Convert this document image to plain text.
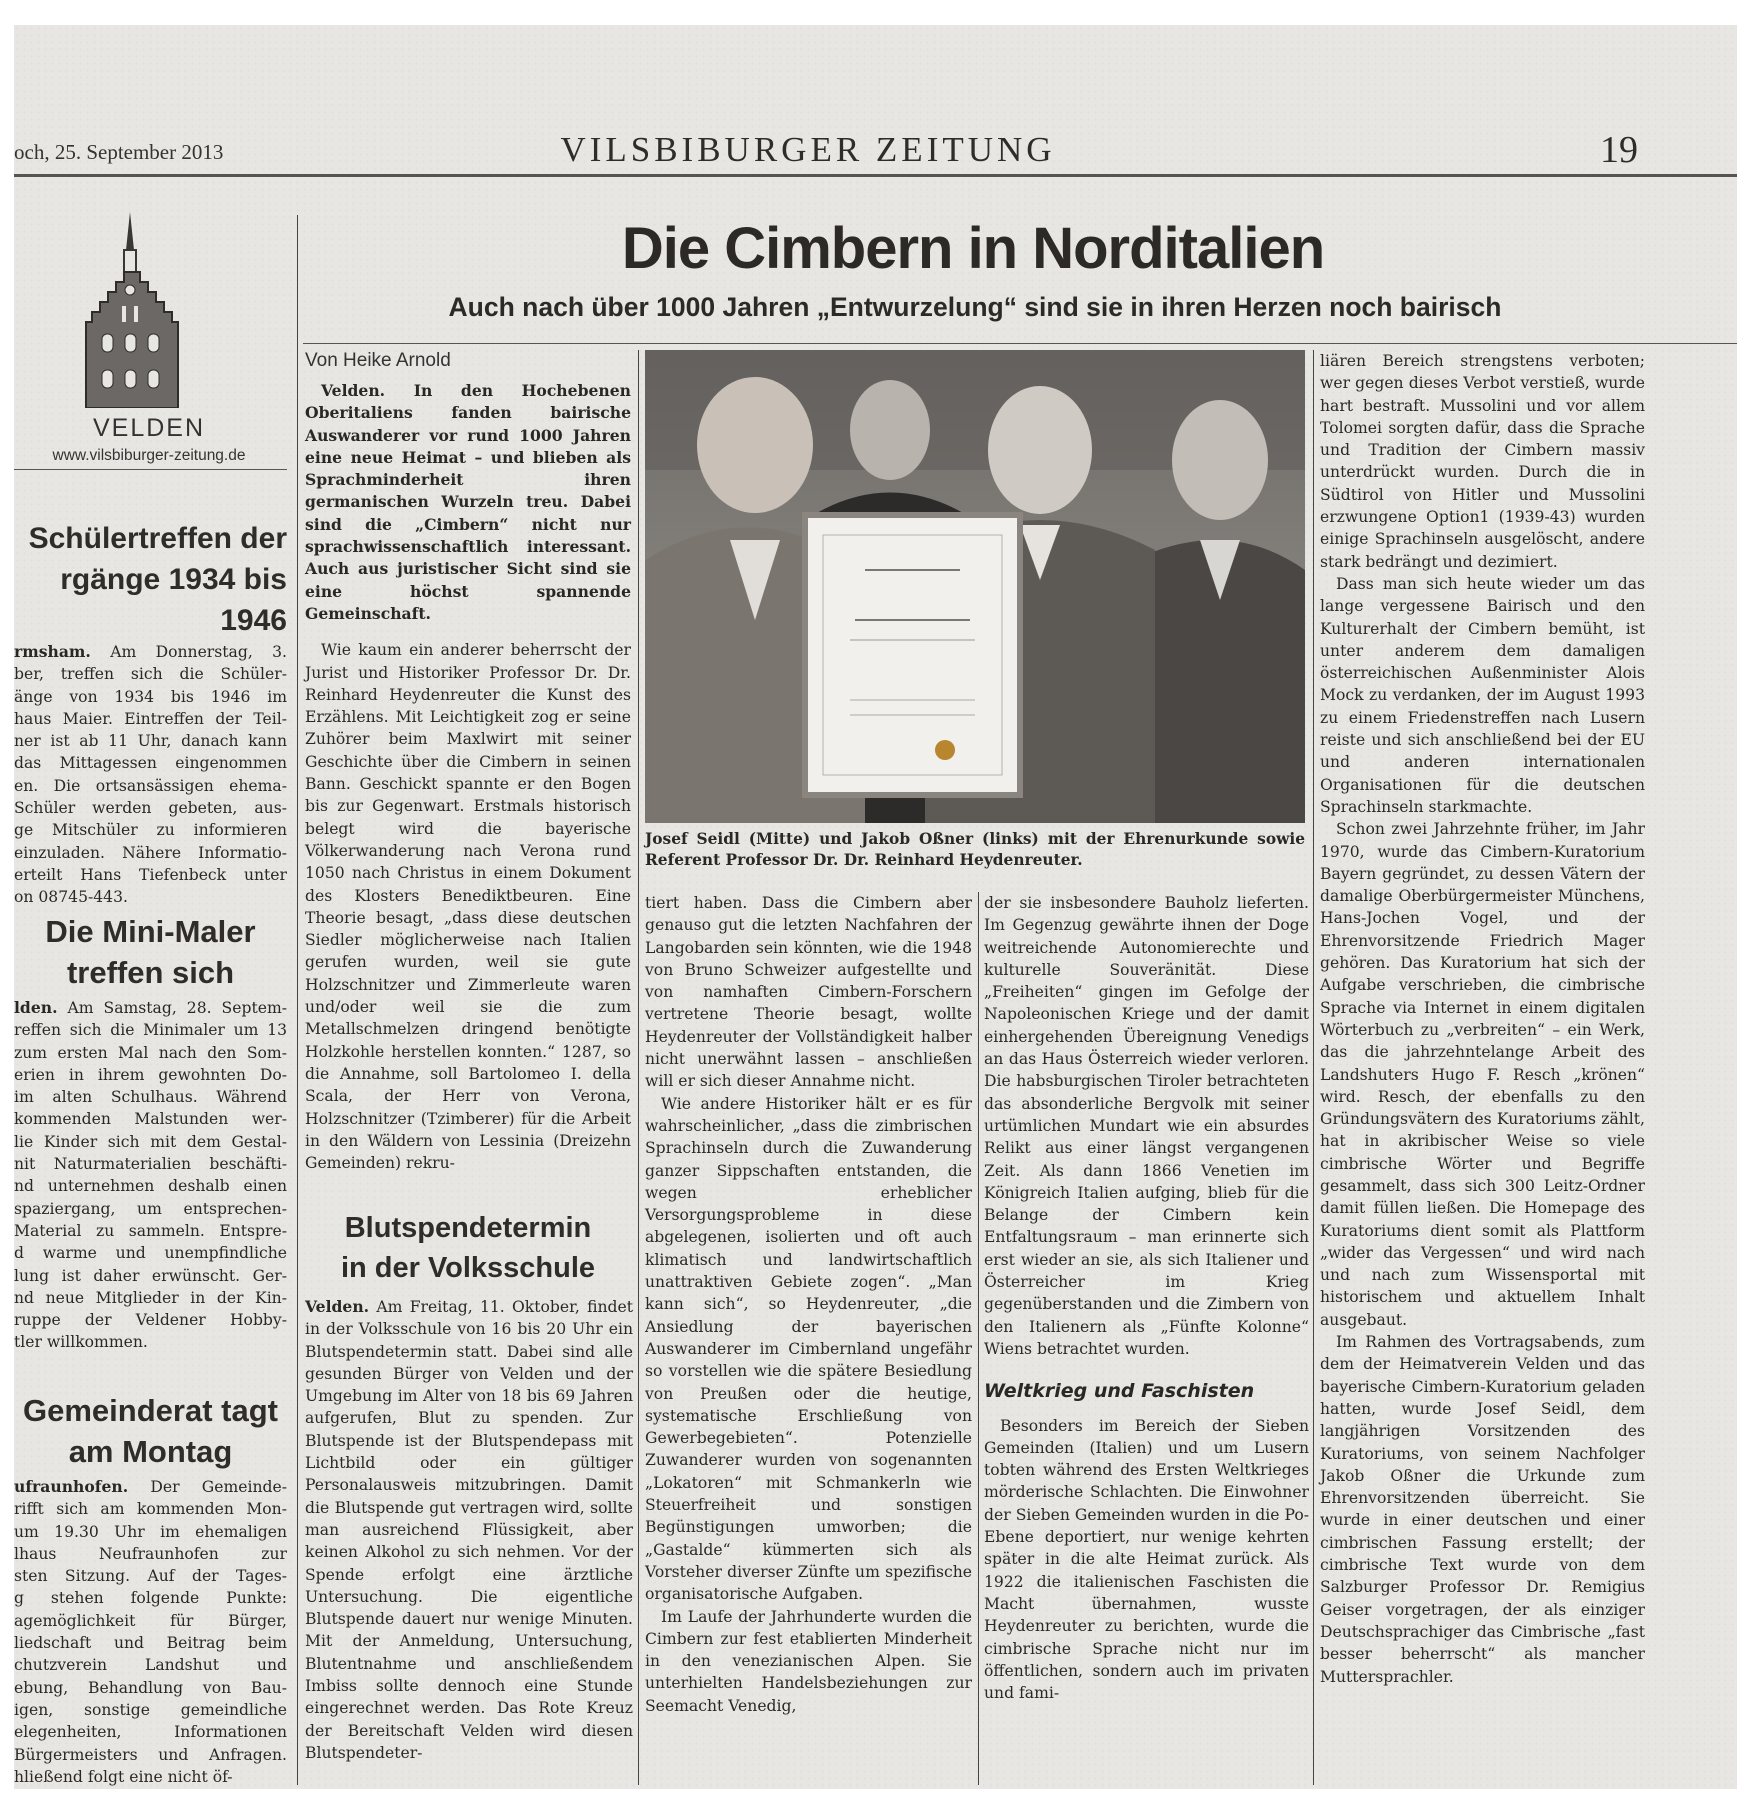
och, 25. September 2013	VILSBIBURGER ZEITUNG	19
VELDEN
www.vilsbiburger-zeitung.de
Schülertreffen der
rgänge 1934 bis 1946
rmsham. Am Donnerstag, 3.
ber, treffen sich die Schüler-
änge von 1934 bis 1946 im
haus Maier. Eintreffen der Teil-
ner ist ab 11 Uhr, danach kann
das Mittagessen eingenommen
en. Die ortsansässigen ehema-
Schüler werden gebeten, aus-
ge Mitschüler zu informieren
einzuladen. Nähere Informatio-
erteilt Hans Tiefenbeck unter
on 08745-443.
Die Mini-Maler
treffen sich
lden. Am Samstag, 28. Septem-
reffen sich die Minimaler um 13
zum ersten Mal nach den Som-
erien in ihrem gewohnten Do-
im alten Schulhaus. Während
kommenden Malstunden wer-
lie Kinder sich mit dem Gestal-
nit Naturmaterialien beschäfti-
nd unternehmen deshalb einen
spaziergang, um entsprechen-
Material zu sammeln. Entspre-
d warme und unempfindliche
lung ist daher erwünscht. Ger-
nd neue Mitglieder in der Kin-
ruppe der Veldener Hobby-
tler willkommen.
Gemeinderat tagt
am Montag
ufraunhofen. Der Gemeinde-
rifft sich am kommenden Mon-
um 19.30 Uhr im ehemaligen
lhaus Neufraunhofen zur
sten Sitzung. Auf der Tages-
g stehen folgende Punkte:
agemöglichkeit für Bürger,
liedschaft und Beitrag beim
chutzverein Landshut und
ebung, Behandlung von Bau-
igen, sonstige gemeindliche
elegenheiten, Informationen
Bürgermeisters und Anfragen.
hließend folgt eine nicht öf-
Die Cimbern in Norditalien
Auch nach über 1000 Jahren „Entwurzelung“ sind sie in ihren Herzen noch bairisch
Von Heike Arnold

Velden. In den Hochebenen Oberitaliens fanden bairische Auswanderer vor rund 1000 Jahren eine neue Heimat – und blieben als Sprachminderheit ihren germanischen Wurzeln treu. Dabei sind die „Cimbern“ nicht nur sprachwissenschaftlich interessant. Auch aus juristischer Sicht sind sie eine höchst spannende Gemeinschaft.

Wie kaum ein anderer beherrscht der Jurist und Historiker Professor Dr. Dr. Reinhard Heydenreuter die Kunst des Erzählens. Mit Leichtigkeit zog er seine Zuhörer beim Maxlwirt mit seiner Geschichte über die Cimbern in seinen Bann. Geschickt spannte er den Bogen bis zur Gegenwart. Erstmals historisch belegt wird die bayerische Völkerwanderung nach Verona rund 1050 nach Christus in einem Dokument des Klosters Benediktbeuren. Eine Theorie besagt, „dass diese deutschen Siedler möglicherweise nach Italien gerufen wurden, weil sie gute Holzschnitzer und Zimmerleute waren und/oder weil sie die zum Metallschmelzen dringend benötigte Holzkohle herstellen konnten.“ 1287, so die Annahme, soll Bartolomeo I. della Scala, der Herr von Verona, Holzschnitzer (Tzimberer) für die Arbeit in den Wäldern von Lessinia (Dreizehn Gemeinden) rekru-

Blutspendetermin
in der Volksschule

Velden. Am Freitag, 11. Oktober, findet in der Volksschule von 16 bis 20 Uhr ein Blutspendetermin statt. Dabei sind alle gesunden Bürger von Velden und der Umgebung im Alter von 18 bis 69 Jahren aufgerufen, Blut zu spenden. Zur Blutspende ist der Blutspendepass mit Lichtbild oder ein gültiger Personalausweis mitzubringen. Damit die Blutspende gut vertragen wird, sollte man ausreichend Flüssigkeit, aber keinen Alkohol zu sich nehmen. Vor der Spende erfolgt eine ärztliche Untersuchung. Die eigentliche Blutspende dauert nur wenige Minuten. Mit der Anmeldung, Untersuchung, Blutentnahme und anschließendem Imbiss sollte dennoch eine Stunde eingerechnet werden. Das Rote Kreuz der Bereitschaft Velden wird diesen Blutspendeter-

Josef Seidl (Mitte) und Jakob Oßner (links) mit der Ehrenurkunde sowie Referent Professor Dr. Dr. Reinhard Heydenreuter.

tiert haben. Dass die Cimbern aber genauso gut die letzten Nachfahren der Langobarden sein könnten, wie die 1948 von Bruno Schweizer aufgestellte und von namhaften Cimbern-Forschern vertretene Theorie besagt, wollte Heydenreuter der Vollständigkeit halber nicht unerwähnt lassen – anschließen will er sich dieser Annahme nicht.

Wie andere Historiker hält er es für wahrscheinlicher, „dass die zimbrischen Sprachinseln durch die Zuwanderung ganzer Sippschaften entstanden, die wegen erheblicher Versorgungsprobleme in diese abgelegenen, isolierten und oft auch klimatisch und landwirtschaftlich unattraktiven Gebiete zogen“. „Man kann sich“, so Heydenreuter, „die Ansiedlung der bayerischen Auswanderer im Cimbernland ungefähr so vorstellen wie die spätere Besiedlung von Preußen oder die heutige, systematische Erschließung von Gewerbegebieten“. Potenzielle Zuwanderer wurden von sogenannten „Lokatoren“ mit Schmankerln wie Steuerfreiheit und sonstigen Begünstigungen umworben; die „Gastalde“ kümmerten sich als Vorsteher diverser Zünfte um spezifische organisatorische Aufgaben.

Im Laufe der Jahrhunderte wurden die Cimbern zur fest etablierten Minderheit in den venezianischen Alpen. Sie unterhielten Handelsbeziehungen zur Seemacht Venedig,

der sie insbesondere Bauholz lieferten. Im Gegenzug gewährte ihnen der Doge weitreichende Autonomierechte und kulturelle Souveränität. Diese „Freiheiten“ gingen im Gefolge der Napoleonischen Kriege und der damit einhergehenden Übereignung Venedigs an das Haus Österreich wieder verloren. Die habsburgischen Tiroler betrachteten das absonderliche Bergvolk mit seiner urtümlichen Mundart wie ein absurdes Relikt aus einer längst vergangenen Zeit. Als dann 1866 Venetien im Königreich Italien aufging, blieb für die Belange der Cimbern kein Entfaltungsraum – man erinnerte sich erst wieder an sie, als sich Italiener und Österreicher im Krieg gegenüberstanden und die Zimbern von den Italienern als „Fünfte Kolonne“ Wiens betrachtet wurden.

Weltkrieg und Faschisten

Besonders im Bereich der Sieben Gemeinden (Italien) und um Lusern tobten während des Ersten Weltkrieges mörderische Schlachten. Die Einwohner der Sieben Gemeinden wurden in die Po-Ebene deportiert, nur wenige kehrten später in die alte Heimat zurück. Als 1922 die italienischen Faschisten die Macht übernahmen, wusste Heydenreuter zu berichten, wurde die cimbrische Sprache nicht nur im öffentlichen, sondern auch im privaten und fami-

liären Bereich strengstens verboten; wer gegen dieses Verbot verstieß, wurde hart bestraft. Mussolini und vor allem Tolomei sorgten dafür, dass die Sprache und Tradition der Cimbern massiv unterdrückt wurden. Durch die in Südtirol von Hitler und Mussolini erzwungene Option1 (1939-43) wurden einige Sprachinseln ausgelöscht, andere stark bedrängt und dezimiert.

Dass man sich heute wieder um das lange vergessene Bairisch und den Kulturerhalt der Cimbern bemüht, ist unter anderem dem damaligen österreichischen Außenminister Alois Mock zu verdanken, der im August 1993 zu einem Friedenstreffen nach Lusern reiste und sich anschließend bei der EU und anderen internationalen Organisationen für die deutschen Sprachinseln starkmachte.

Schon zwei Jahrzehnte früher, im Jahr 1970, wurde das Cimbern-Kuratorium Bayern gegründet, zu dessen Vätern der damalige Oberbürgermeister Münchens, Hans-Jochen Vogel, und der Ehrenvorsitzende Friedrich Mager gehören. Das Kuratorium hat sich der Aufgabe verschrieben, die cimbrische Sprache via Internet in einem digitalen Wörterbuch zu „verbreiten“ – ein Werk, das die jahrzehntelange Arbeit des Landshuters Hugo F. Resch „krönen“ wird. Resch, der ebenfalls zu den Gründungsvätern des Kuratoriums zählt, hat in akribischer Weise so viele cimbrische Wörter und Begriffe gesammelt, dass sich 300 Leitz-Ordner damit füllen ließen. Die Homepage des Kuratoriums dient somit als Plattform „wider das Vergessen“ und wird nach und nach zum Wissensportal mit historischem und aktuellem Inhalt ausgebaut.

Im Rahmen des Vortragsabends, zum dem der Heimatverein Velden und das bayerische Cimbern-Kuratorium geladen hatten, wurde Josef Seidl, dem langjährigen Vorsitzenden des Kuratoriums, von seinem Nachfolger Jakob Oßner die Urkunde zum Ehrenvorsitzenden überreicht. Sie wurde in einer deutschen und einer cimbrischen Fassung erstellt; der cimbrische Text wurde von dem Salzburger Professor Dr. Remigius Geiser vorgetragen, der als einziger Deutschsprachiger das Cimbrische „fast besser beherrscht“ als mancher Muttersprachler.
